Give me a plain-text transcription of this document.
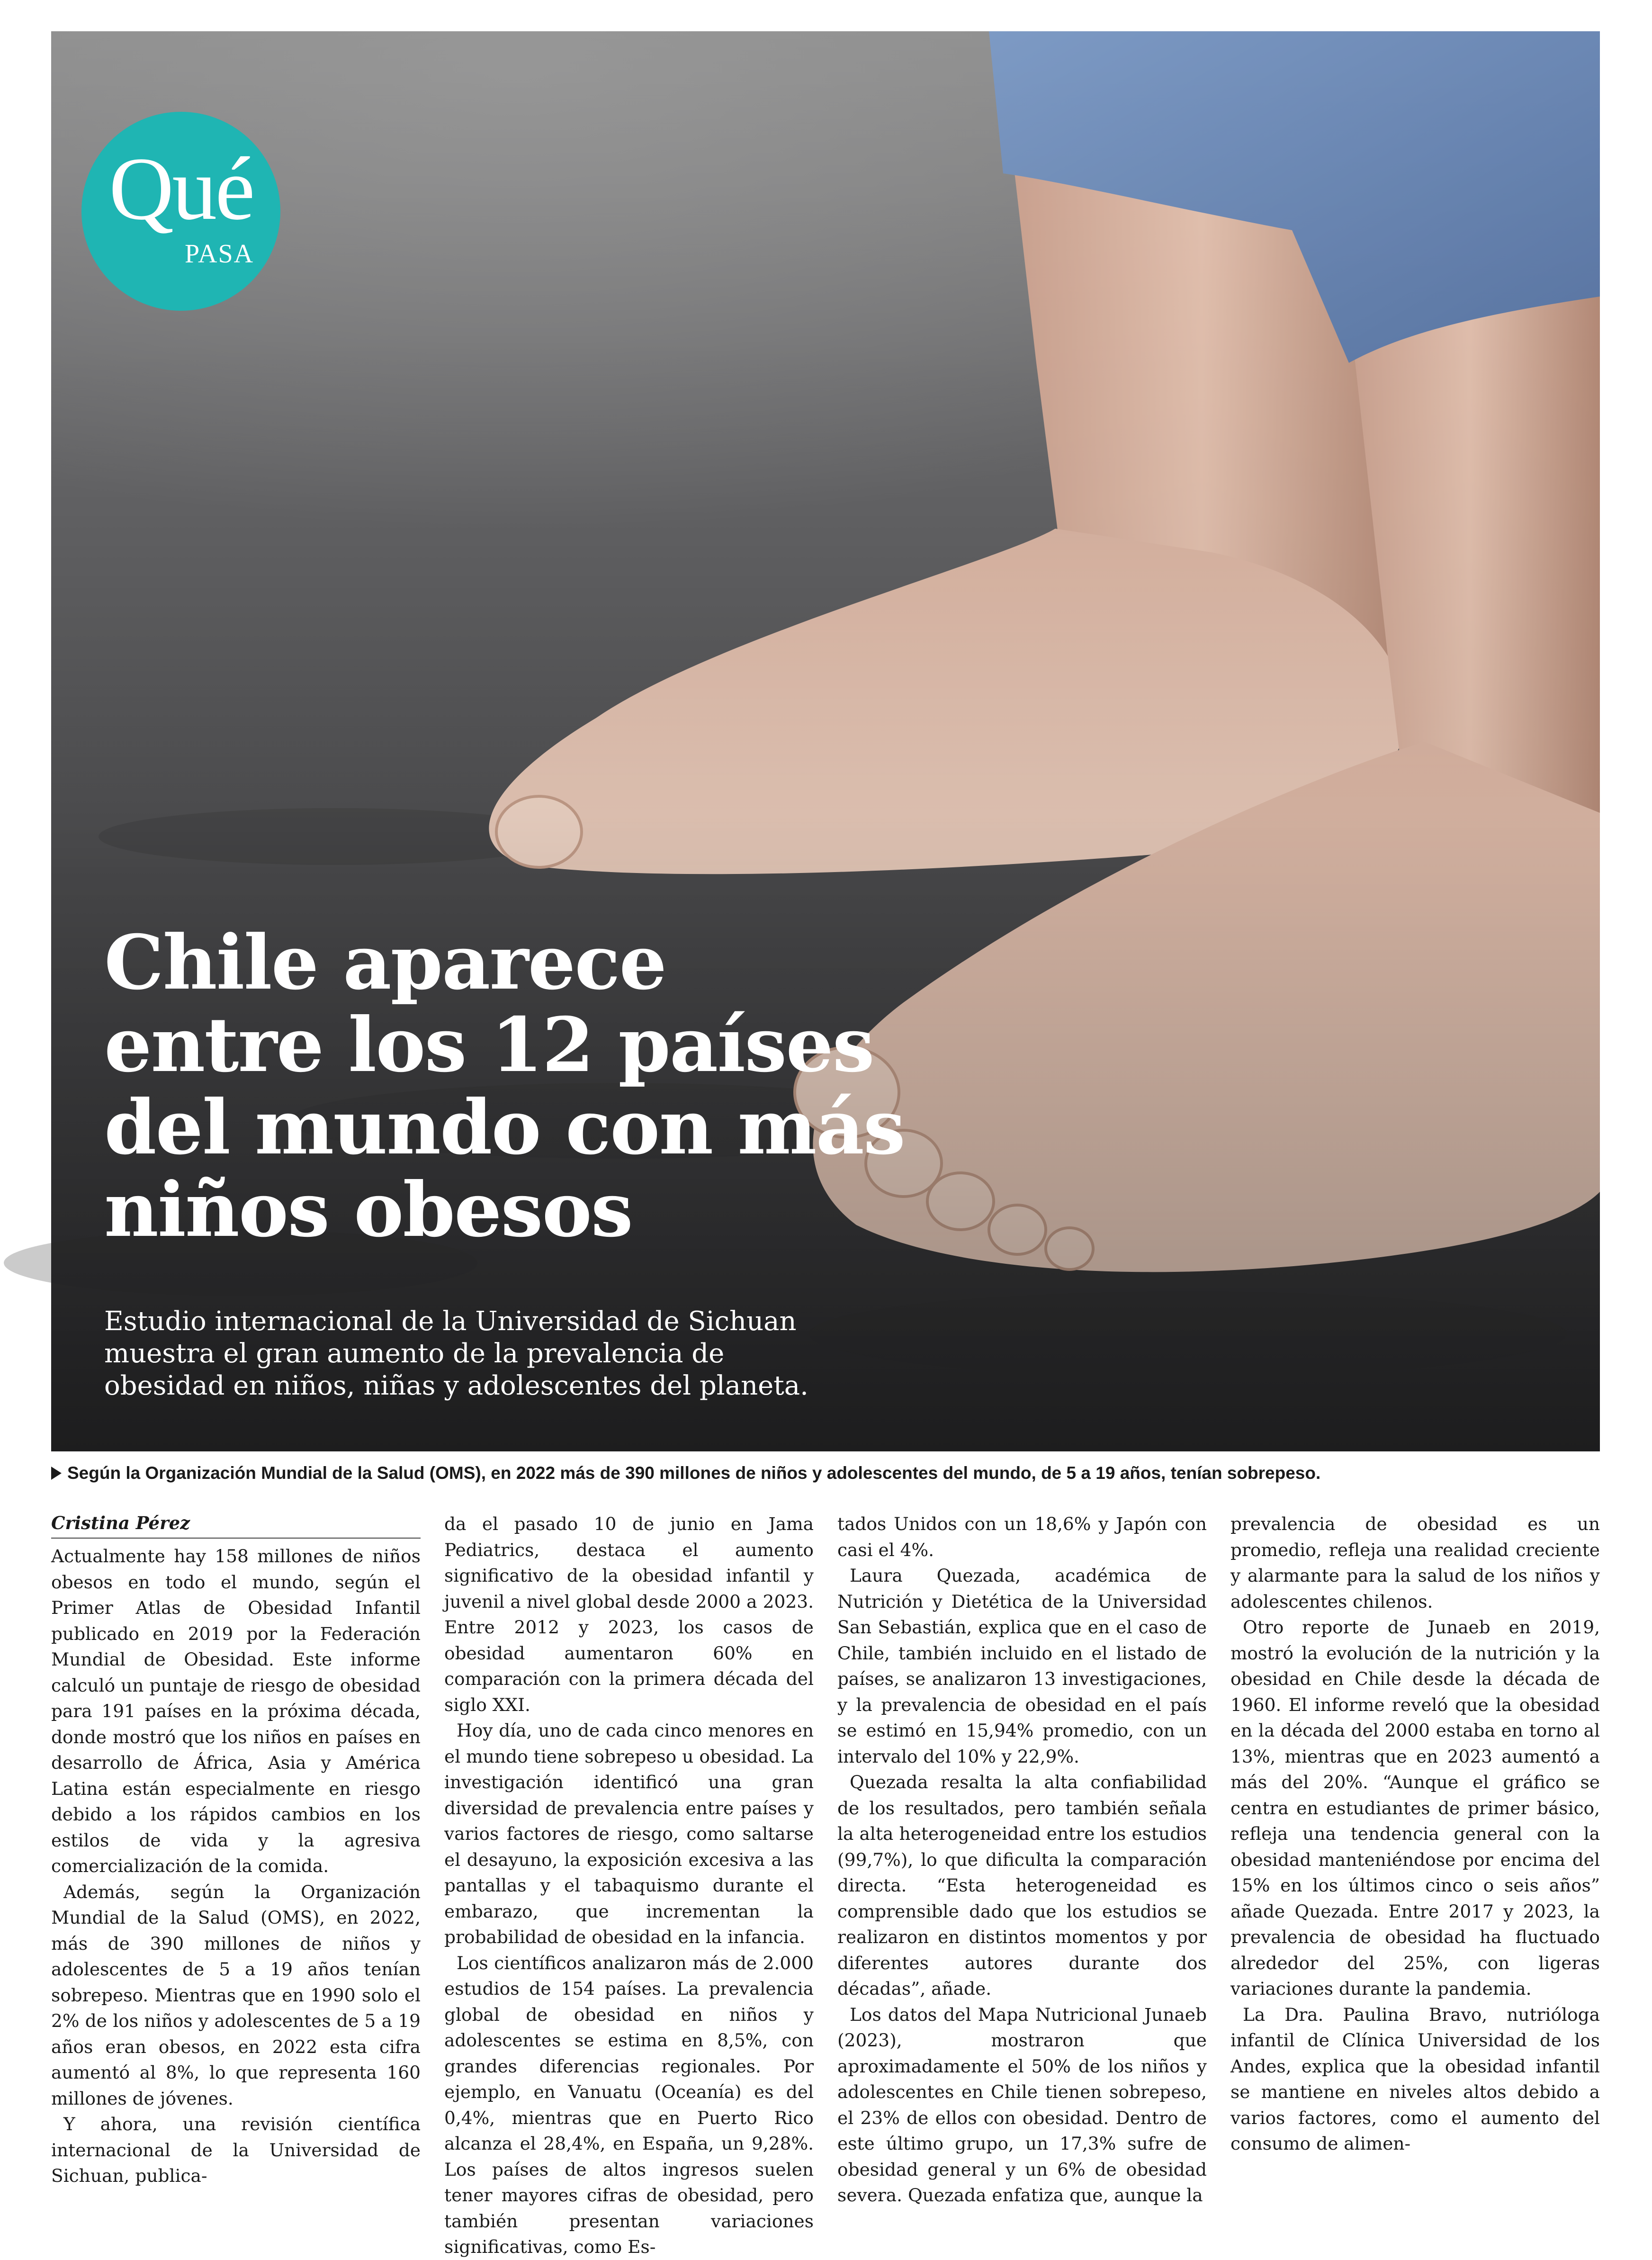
Qué
PASA
Chile aparece entre los 12 países del mundo con más niños obesos

Estudio internacional de la Universidad de Sichuan muestra el gran aumento de la prevalencia de obesidad en niños, niñas y adolescentes del planeta.

Según la Organización Mundial de la Salud (OMS), en 2022 más de 390 millones de niños y adolescentes del mundo, de 5 a 19 años, tenían sobrepeso.
Cristina Pérez

Actualmente hay 158 millones de niños obesos en todo el mundo, según el Primer Atlas de Obesidad Infantil publicado en 2019 por la Federación Mundial de Obesidad. Este informe calculó un puntaje de riesgo de obesidad para 191 países en la próxima década, donde mostró que los niños en países en desarrollo de África, Asia y América Latina están especialmente en riesgo debido a los rápidos cambios en los estilos de vida y la agresiva comercialización de la comida.

Además, según la Organización Mundial de la Salud (OMS), en 2022, más de 390 millones de niños y adolescentes de 5 a 19 años tenían sobrepeso. Mientras que en 1990 solo el 2% de los niños y adolescentes de 5 a 19 años eran obesos, en 2022 esta cifra aumentó al 8%, lo que representa 160 millones de jóvenes.

Y ahora, una revisión científica internacional de la Universidad de Sichuan, publica-

da el pasado 10 de junio en Jama Pediatrics, destaca el aumento significativo de la obesidad infantil y juvenil a nivel global desde 2000 a 2023. Entre 2012 y 2023, los casos de obesidad aumentaron 60% en comparación con la primera década del siglo XXI.

Hoy día, uno de cada cinco menores en el mundo tiene sobrepeso u obesidad. La investigación identificó una gran diversidad de prevalencia entre países y varios factores de riesgo, como saltarse el desayuno, la exposición excesiva a las pantallas y el tabaquismo durante el embarazo, que incrementan la probabilidad de obesidad en la infancia.

Los científicos analizaron más de 2.000 estudios de 154 países. La prevalencia global de obesidad en niños y adolescentes se estima en 8,5%, con grandes diferencias regionales. Por ejemplo, en Vanuatu (Oceanía) es del 0,4%, mientras que en Puerto Rico alcanza el 28,4%, en España, un 9,28%. Los países de altos ingresos suelen tener mayores cifras de obesidad, pero también presentan variaciones significativas, como Es-

tados Unidos con un 18,6% y Japón con casi el 4%.

Laura Quezada, académica de Nutrición y Dietética de la Universidad San Sebastián, explica que en el caso de Chile, también incluido en el listado de países, se analizaron 13 investigaciones, y la prevalencia de obesidad en el país se estimó en 15,94% promedio, con un intervalo del 10% y 22,9%.

Quezada resalta la alta confiabilidad de los resultados, pero también señala la alta heterogeneidad entre los estudios (99,7%), lo que dificulta la comparación directa. “Esta heterogeneidad es comprensible dado que los estudios se realizaron en distintos momentos y por diferentes autores durante dos décadas”, añade.

Los datos del Mapa Nutricional Junaeb (2023), mostraron que aproximadamente el 50% de los niños y adolescentes en Chile tienen sobrepeso, el 23% de ellos con obesidad. Dentro de este último grupo, un 17,3% sufre de obesidad general y un 6% de obesidad severa. Quezada enfatiza que, aunque la

prevalencia de obesidad es un promedio, refleja una realidad creciente y alarmante para la salud de los niños y adolescentes chilenos.

Otro reporte de Junaeb en 2019, mostró la evolución de la nutrición y la obesidad en Chile desde la década de 1960. El informe reveló que la obesidad en la década del 2000 estaba en torno al 13%, mientras que en 2023 aumentó a más del 20%. “Aunque el gráfico se centra en estudiantes de primer básico, refleja una tendencia general con la obesidad manteniéndose por encima del 15% en los últimos cinco o seis años” añade Quezada. Entre 2017 y 2023, la prevalencia de obesidad ha fluctuado alrededor del 25%, con ligeras variaciones durante la pandemia.

La Dra. Paulina Bravo, nutrióloga infantil de Clínica Universidad de los Andes, explica que la obesidad infantil se mantiene en niveles altos debido a varios factores, como el aumento del consumo de alimen-
